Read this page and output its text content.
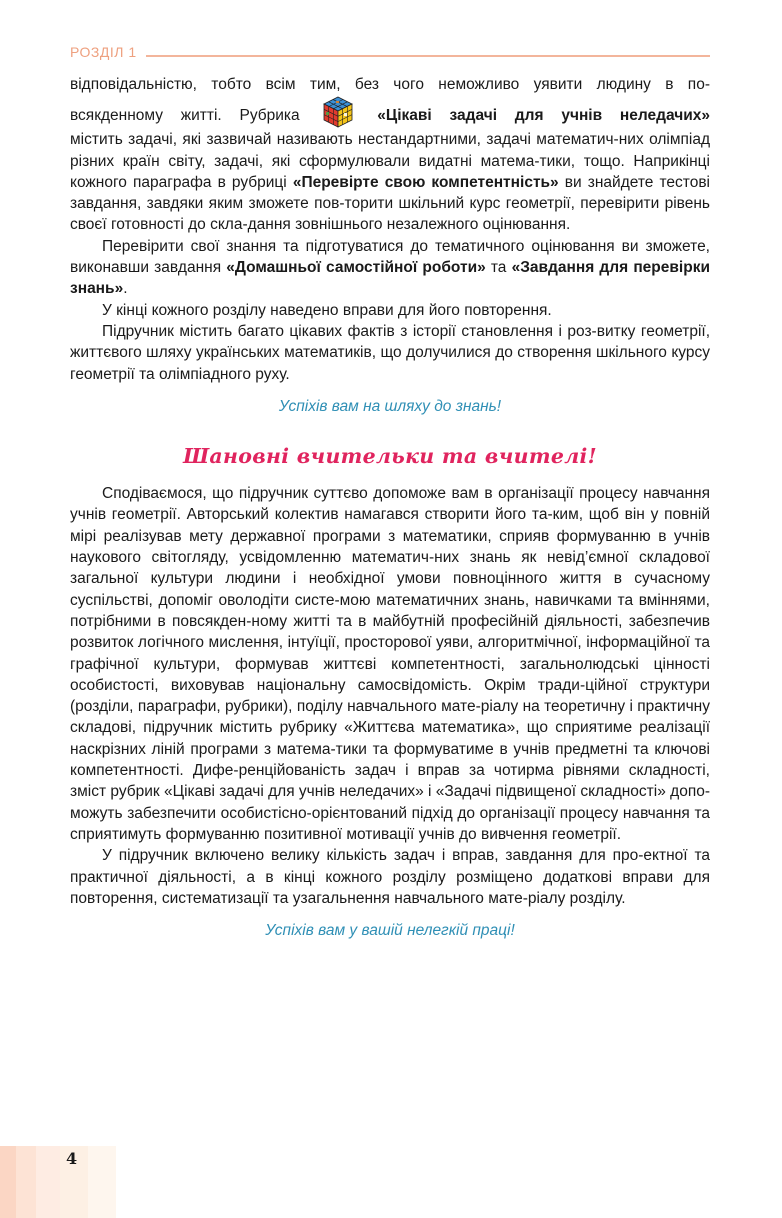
РОЗДІЛ 1

відповідальністю, тобто всім тим, без чого неможливо уявити людину в по-

всякденному житті. Рубрика	«Цікаві задачі для учнів неледачих»

містить задачі, які зазвичай називають нестандартними, задачі математич-них олімпіад різних країн світу, задачі, які сформулювали видатні матема-тики, тощо. Наприкінці кожного параграфа в рубриці «Перевірте свою компетентність» ви знайдете тестові завдання, завдяки яким зможете пов-торити шкільний курс геометрії, перевірити рівень своєї готовності до скла-дання зовнішнього незалежного оцінювання.

Перевірити свої знання та підготуватися до тематичного оцінювання ви зможете, виконавши завдання «Домашньої самостійної роботи» та «Завдання для перевірки знань».

У кінці кожного розділу наведено вправи для його повторення.

Підручник містить багато цікавих фактів з історії становлення і роз-витку геометрії, життєвого шляху українських математиків, що долучилися до створення шкільного курсу геометрії та олімпіадного руху.

Успіхів вам на шляху до знань!

Шановні вчительки та вчителі!

Сподіваємося, що підручник суттєво допоможе вам в організації процесу навчання учнів геометрії. Авторський колектив намагався створити його та-ким, щоб він у повній мірі реалізував мету державної програми з математики, сприяв формуванню в учнів наукового світогляду, усвідомленню математич-них знань як невід’ємної складової загальної культури людини і необхідної умови повноцінного життя в сучасному суспільстві, допоміг оволодіти систе-мою математичних знань, навичками та вміннями, потрібними в повсякден-ному житті та в майбутній професійній діяльності, забезпечив розвиток логічного мислення, інтуїції, просторової уяви, алгоритмічної, інформаційної та графічної культури, формував життєві компетентності, загальнолюдські цінності особистості, виховував національну самосвідомість. Окрім тради-ційної структури (розділи, параграфи, рубрики), поділу навчального мате-ріалу на теоретичну і практичну складові, підручник містить рубрику «Життєва математика», що сприятиме реалізації наскрізних ліній програми з матема-тики та формуватиме в учнів предметні та ключові компетентності. Дифе-ренційованість задач і вправ за чотирма рівнями складності, зміст рубрик «Цікаві задачі для учнів неледачих» і «Задачі підвищеної складності» допо-можуть забезпечити особистісно-орієнтований підхід до організації процесу навчання та сприятимуть формуванню позитивної мотивації учнів до вивчення геометрії.

У підручник включено велику кількість задач і вправ, завдання для про-ектної та практичної діяльності, а в кінці кожного розділу розміщено додаткові вправи для повторення, систематизації та узагальнення навчального мате-ріалу розділу.

Успіхів вам у вашій нелегкій праці!

4
